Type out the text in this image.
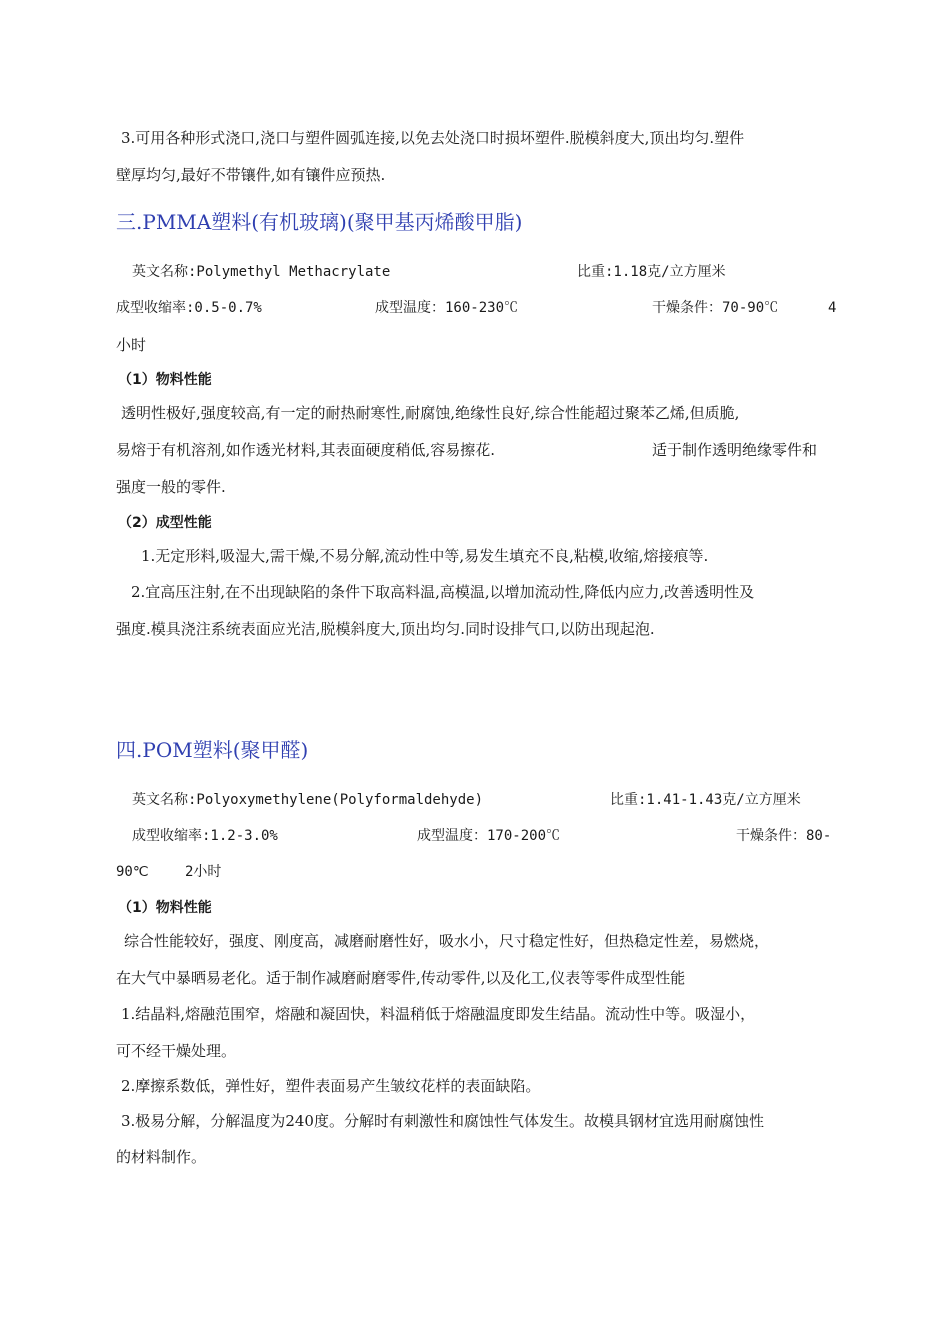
3.可用各种形式浇口,浇口与塑件圆弧连接,以免去处浇口时损坏塑件.脱模斜度大,顶出均匀.塑件
壁厚均匀,最好不带镶件,如有镶件应预热.
三.PMMA塑料(有机玻璃)(聚甲基丙烯酸甲脂)
英文名称:Polymethyl Methacrylate	比重:1.18克/立方厘米
成型收缩率:0.5-0.7%	成型温度：160-230℃	干燥条件：70-90℃	4
小时
（1）物料性能
透明性极好,强度较高,有一定的耐热耐寒性,耐腐蚀,绝缘性良好,综合性能超过聚苯乙烯,但质脆,
易熔于有机溶剂,如作透光材料,其表面硬度稍低,容易擦花.	适于制作透明绝缘零件和
强度一般的零件.
（2）成型性能
1.无定形料,吸湿大,需干燥,不易分解,流动性中等,易发生填充不良,粘模,收缩,熔接痕等.
2.宜高压注射,在不出现缺陷的条件下取高料温,高模温,以增加流动性,降低内应力,改善透明性及
强度.模具浇注系统表面应光洁,脱模斜度大,顶出均匀.同时设排气口,以防出现起泡.
四.POM塑料(聚甲醛)
英文名称:Polyoxymethylene(Polyformaldehyde)	比重:1.41-1.43克/立方厘米
成型收缩率:1.2-3.0%	成型温度：170-200℃	干燥条件：80-
90℃	2小时
（1）物料性能
综合性能较好，强度、刚度高，减磨耐磨性好，吸水小，尺寸稳定性好，但热稳定性差，易燃烧，
在大气中暴晒易老化。适于制作减磨耐磨零件,传动零件,以及化工,仪表等零件成型性能
1.结晶料,熔融范围窄，熔融和凝固快，料温稍低于熔融温度即发生结晶。流动性中等。吸湿小，
可不经干燥处理。
2.摩擦系数低，弹性好，塑件表面易产生皱纹花样的表面缺陷。
3.极易分解，分解温度为240度。分解时有刺激性和腐蚀性气体发生。故模具钢材宜选用耐腐蚀性
的材料制作。
